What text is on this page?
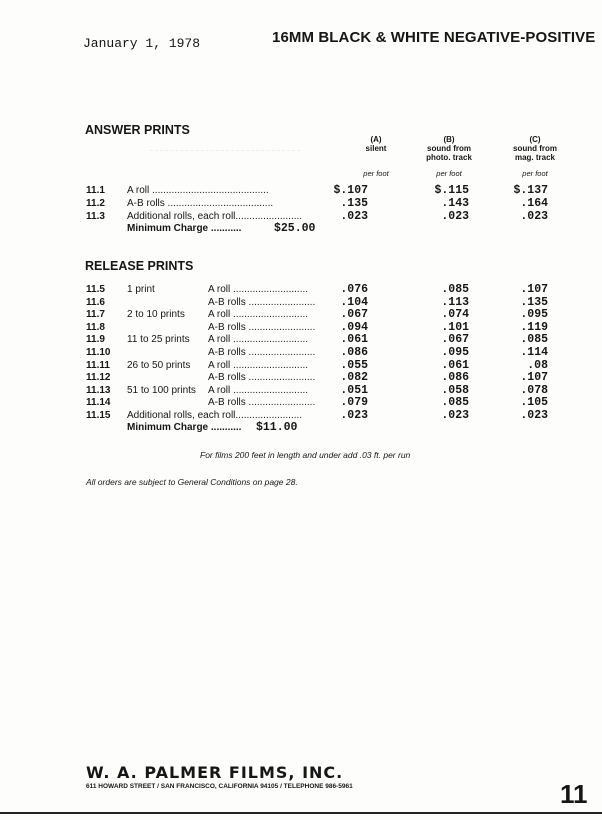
January 1, 1978	16MM BLACK & WHITE NEGATIVE-POSITIVE
ANSWER PRINTS
(A)
silent
(B)
sound from
photo. track
(C)
sound from
mag. track
per foot	per foot	per foot
11.1 A roll ..........................................	$.107	$.115	$.137
11.2 A-B rolls ......................................	.135	.143	.164
11.3 Additional rolls, each roll........................	.023	.023	.023
Minimum Charge ...........	$25.00
RELEASE PRINTS
11.5 1 print	A roll ...........................	.076	.085	.107
11.6	A-B rolls ........................	.104	.113	.135
11.7 2 to 10 prints	A roll ...........................	.067	.074	.095
11.8	A-B rolls ........................	.094	.101	.119
11.9 11 to 25 prints	A roll ...........................	.061	.067	.085
11.10	A-B rolls ........................	.086	.095	.114
11.11 26 to 50 prints	A roll ...........................	.055	.061	.08
11.12	A-B rolls ........................	.082	.086	.107
11.13 51 to 100 prints	A roll ...........................	.051	.058	.078
11.14	A-B rolls ........................	.079	.085	.105
11.15 Additional rolls, each roll........................	.023	.023	.023
Minimum Charge ........... $11.00
For films 200 feet in length and under add .03 ft. per run
All orders are subject to General Conditions on page 28.
W. A. PALMER FILMS, INC.
611 HOWARD STREET / SAN FRANCISCO, CALIFORNIA 94105 / TELEPHONE 986-5961	11
